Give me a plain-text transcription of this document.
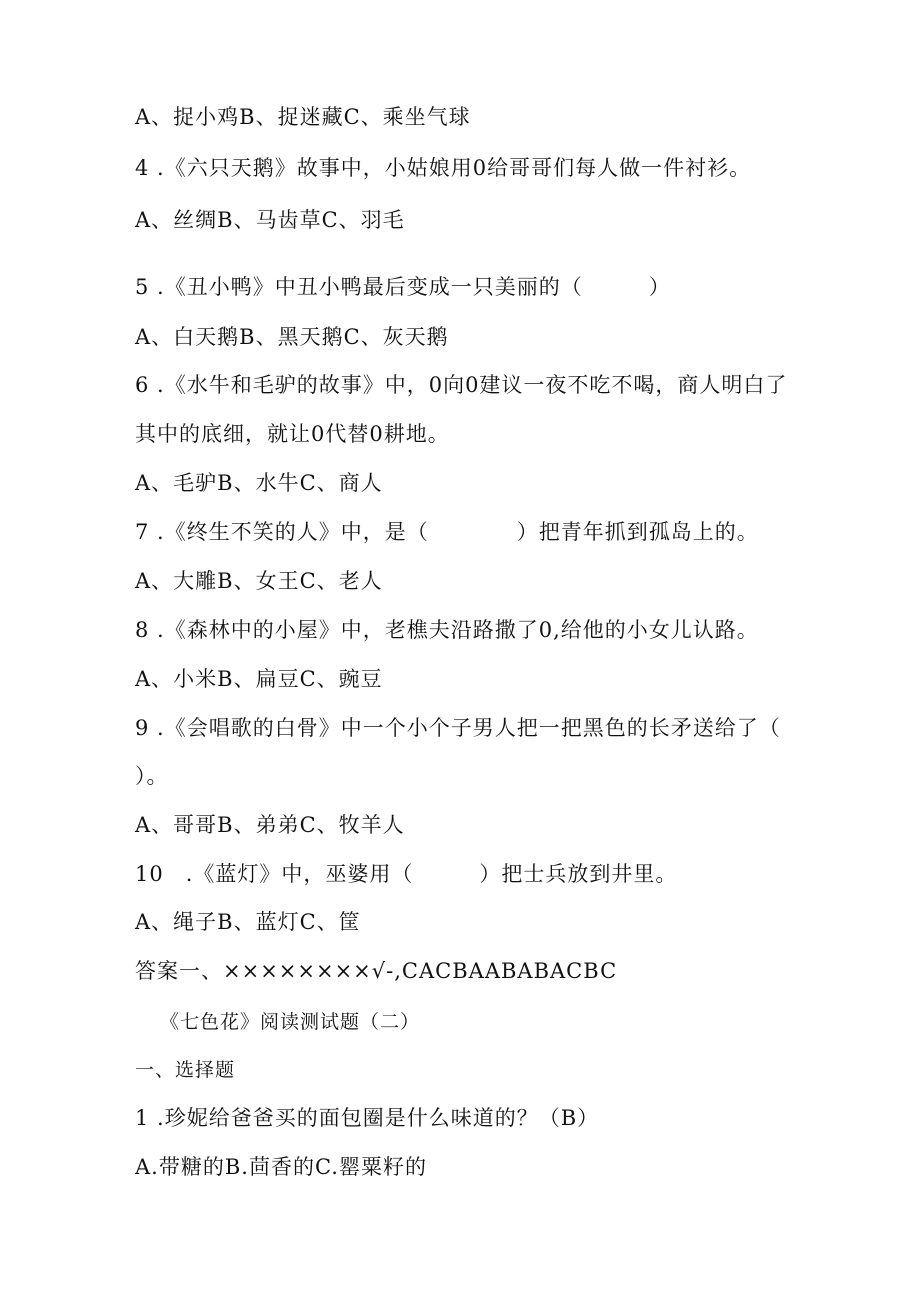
A、捉小鸡B、捉迷藏C、乘坐气球
4 .《六只天鹅》故事中，小姑娘用0给哥哥们每人做一件衬衫。
A、丝绸B、马齿草C、羽毛
5 .《丑小鸭》中丑小鸭最后变成一只美丽的（　　　）
A、白天鹅B、黑天鹅C、灰天鹅
6 .《水牛和毛驴的故事》中，0向0建议一夜不吃不喝，商人明白了
其中的底细，就让0代替0耕地。
A、毛驴B、水牛C、商人
7 .《终生不笑的人》中，是（　　　　）把青年抓到孤岛上的。
A、大雕B、女王C、老人
8 .《森林中的小屋》中，老樵夫沿路撒了0,给他的小女儿认路。
A、小米B、扁豆C、豌豆
9 .《会唱歌的白骨》中一个小个子男人把一把黑色的长矛送给了（
）。
A、哥哥B、弟弟C、牧羊人
10　.《蓝灯》中，巫婆用（　　　）把士兵放到井里。
A、绳子B、蓝灯C、筐
答案一、××××××××√-,CACBAABABACBC
《七色花》阅读测试题（二）
一、选择题
1 .珍妮给爸爸买的面包圈是什么味道的？（B）
A.带糖的B.茴香的C.罂粟籽的
